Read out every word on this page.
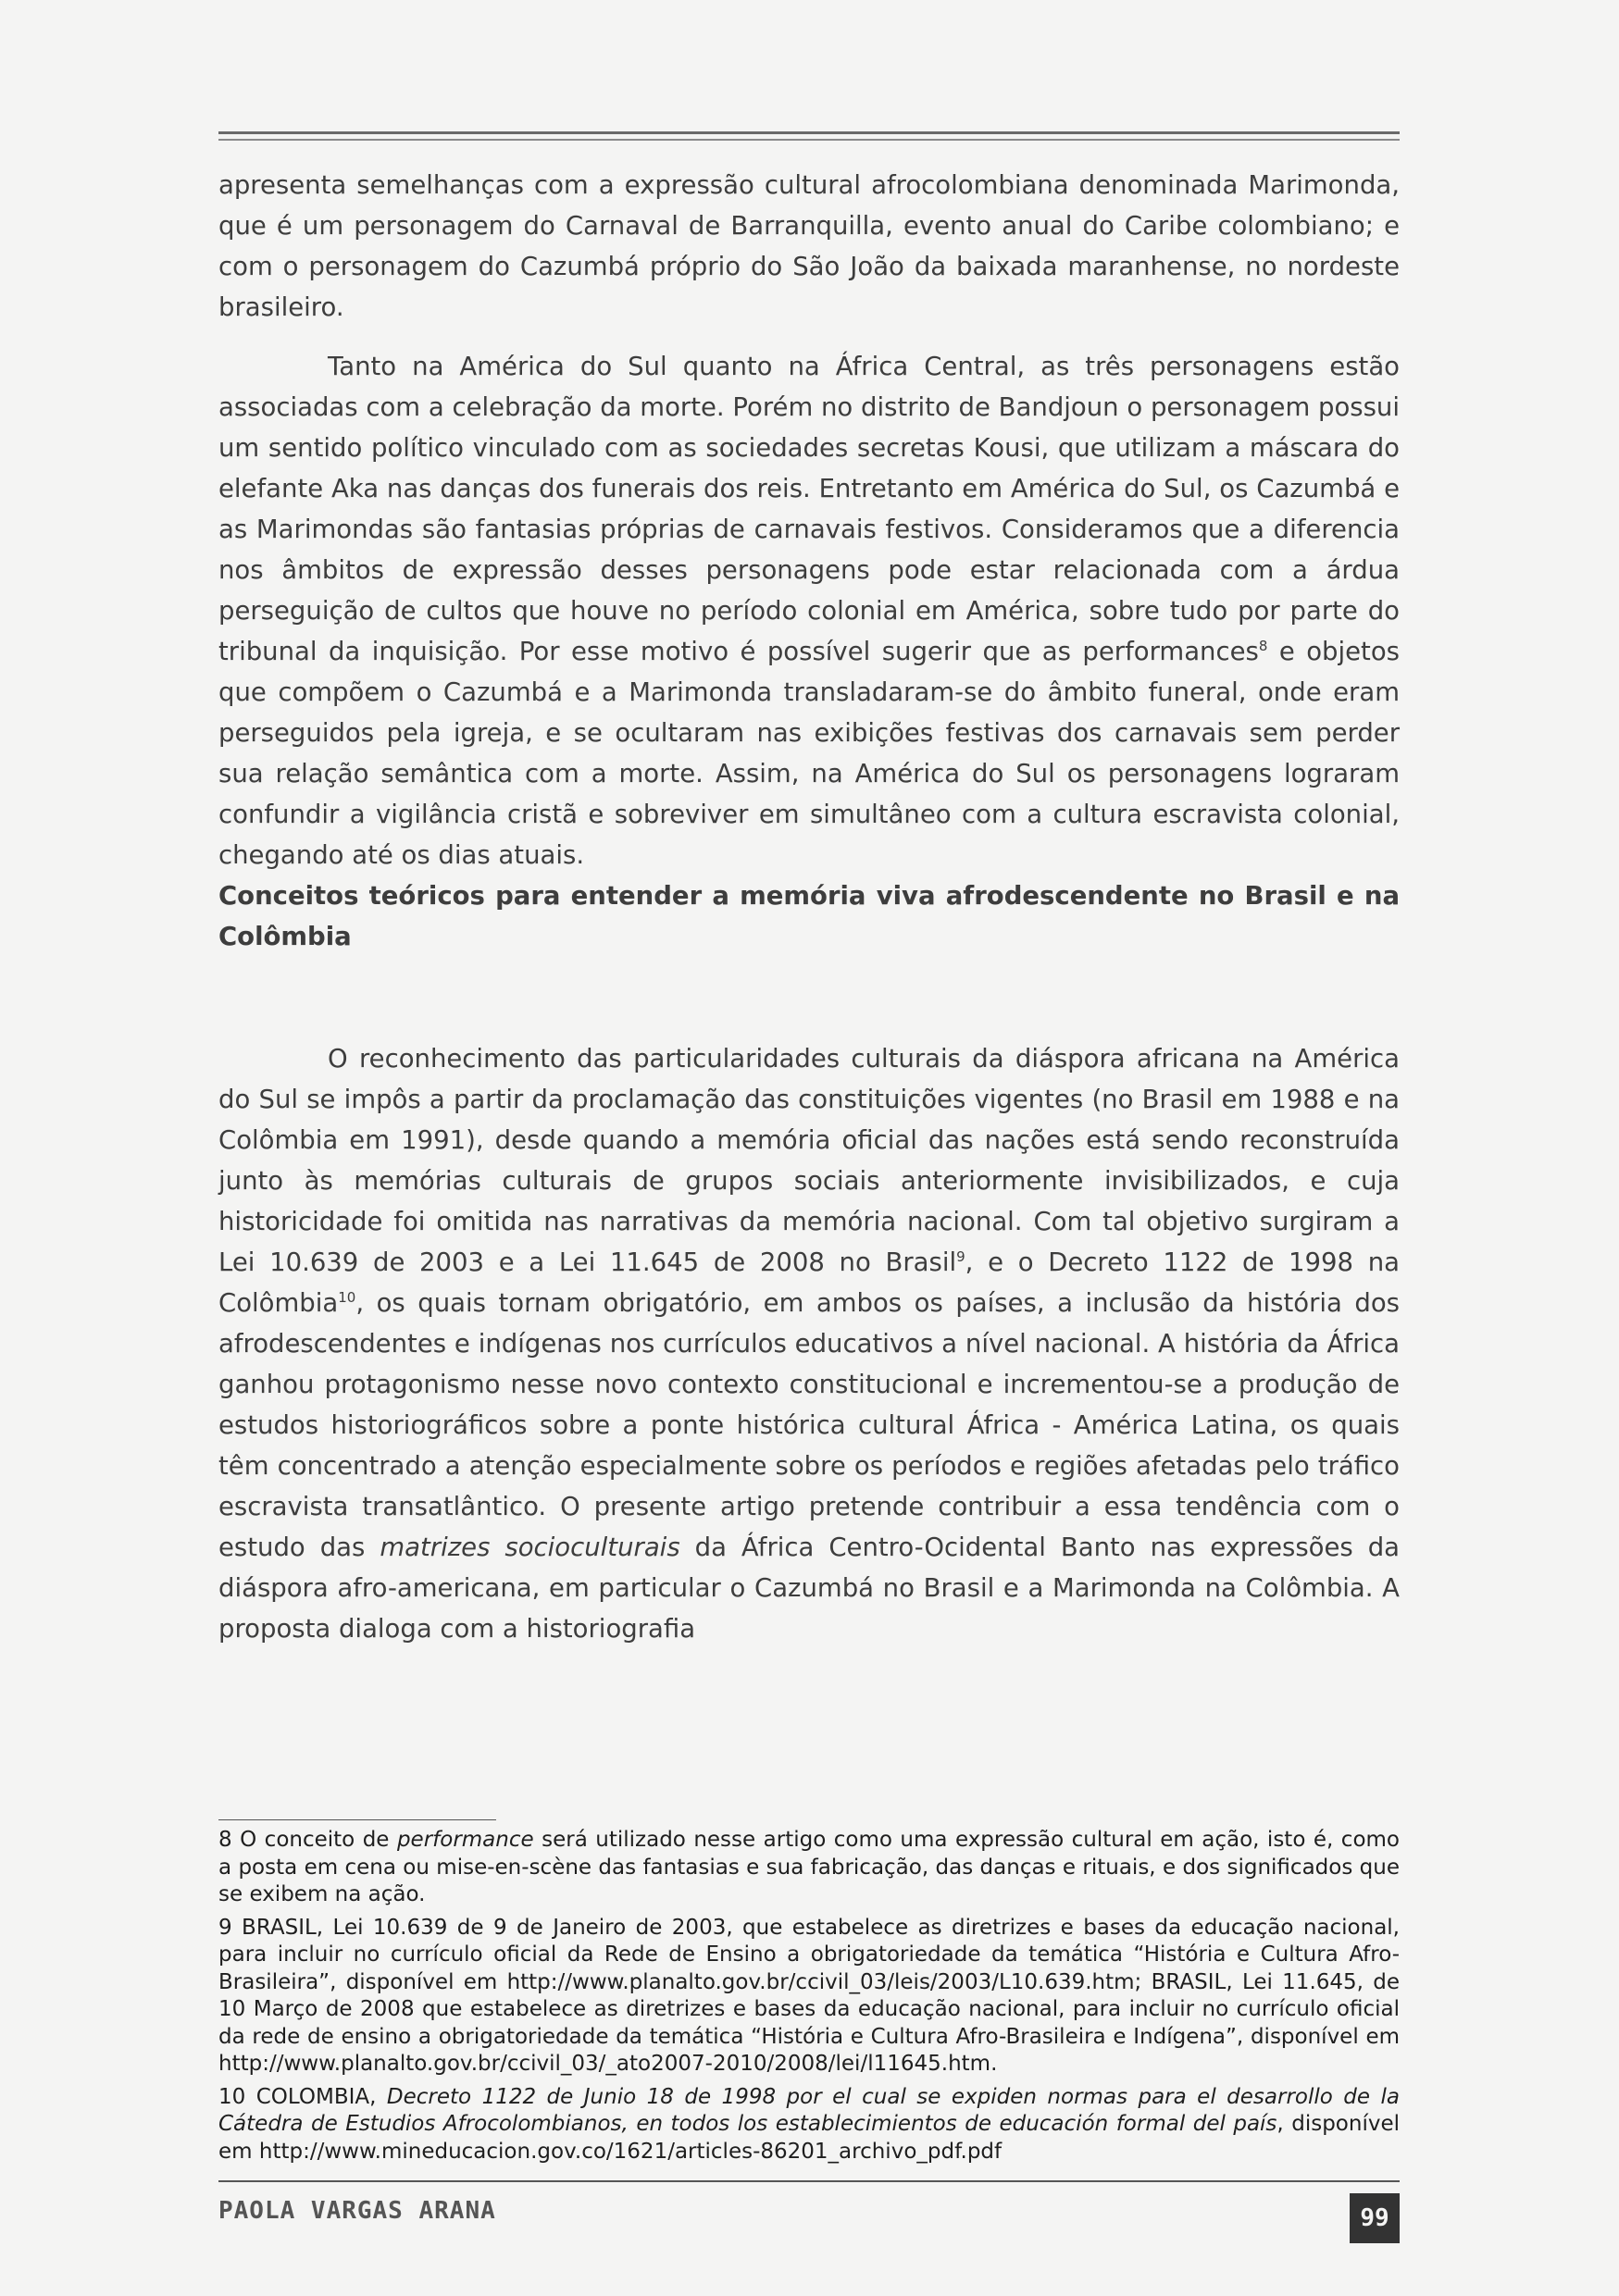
apresenta semelhanças com a expressão cultural afrocolombiana denominada Marimonda, que é um personagem do Carnaval de Barranquilla, evento anual do Caribe colombiano; e com o personagem do Cazumbá próprio do São João da baixada maranhense, no nordeste brasileiro.

Tanto na América do Sul quanto na África Central, as três personagens estão associadas com a celebração da morte. Porém no distrito de Bandjoun o personagem possui um sentido político vinculado com as sociedades secretas Kousi, que utilizam a máscara do elefante Aka nas danças dos funerais dos reis. Entretanto em América do Sul, os Cazumbá e as Marimondas são fantasias próprias de carnavais festivos. Consideramos que a diferencia nos âmbitos de expressão desses personagens pode estar relacionada com a árdua perseguição de cultos que houve no período colonial em América, sobre tudo por parte do tribunal da inquisição. Por esse motivo é possível sugerir que as performances$^8$ e objetos que compõem o Cazumbá e a Marimonda transladaram-se do âmbito funeral, onde eram perseguidos pela igreja, e se ocultaram nas exibições festivas dos carnavais sem perder sua relação semântica com a morte. Assim, na América do Sul os personagens lograram confundir a vigilância cristã e sobreviver em simultâneo com a cultura escravista colonial, chegando até os dias atuais.

Conceitos teóricos para entender a memória viva afrodescendente no Brasil e na Colômbia

O reconhecimento das particularidades culturais da diáspora africana na América do Sul se impôs a partir da proclamação das constituições vigentes (no Brasil em 1988 e na Colômbia em 1991), desde quando a memória oficial das nações está sendo reconstruída junto às memórias culturais de grupos sociais anteriormente invisibilizados, e cuja historicidade foi omitida nas narrativas da memória nacional. Com tal objetivo surgiram a Lei 10.639 de 2003 e a Lei 11.645 de 2008 no Brasil$^9$, e o Decreto 1122 de 1998 na Colômbia$^{10}$, os quais tornam obrigatório, em ambos os países, a inclusão da história dos afrodescendentes e indígenas nos currículos educativos a nível nacional. A história da África ganhou protagonismo nesse novo contexto constitucional e incrementou-se a produção de estudos historiográficos sobre a ponte histórica cultural África - América Latina, os quais têm concentrado a atenção especialmente sobre os períodos e regiões afetadas pelo tráfico escravista transatlântico. O presente artigo pretende contribuir a essa tendência com o estudo das matrizes socioculturais da África Centro-Ocidental Banto nas expressões da diáspora afro-americana, em particular o Cazumbá no Brasil e a Marimonda na Colômbia. A proposta dialoga com a historiografia

8 O conceito de performance será utilizado nesse artigo como uma expressão cultural em ação, isto é, como a posta em cena ou mise-en-scène das fantasias e sua fabricação, das danças e rituais, e dos significados que se exibem na ação.

9 BRASIL, Lei 10.639 de 9 de Janeiro de 2003, que estabelece as diretrizes e bases da educação nacional, para incluir no currículo oficial da Rede de Ensino a obrigatoriedade da temática “História e Cultura Afro-Brasileira”, disponível em http://www.planalto.gov.br/ccivil_03/leis/2003/L10.639.htm; BRASIL, Lei 11.645, de 10 Março de 2008 que estabelece as diretrizes e bases da educação nacional, para incluir no currículo oficial da rede de ensino a obrigatoriedade da temática “História e Cultura Afro-Brasileira e Indígena”, disponível em http://www.planalto.gov.br/ccivil_03/_ato2007-2010/2008/lei/l11645.htm.

10 COLOMBIA, Decreto 1122 de Junio 18 de 1998 por el cual se expiden normas para el desarrollo de la Cátedra de Estudios Afrocolombianos, en todos los establecimientos de educación formal del país, disponível em http://www.mineducacion.gov.co/1621/articles-86201_archivo_pdf.pdf

PAOLA VARGAS ARANA	99
